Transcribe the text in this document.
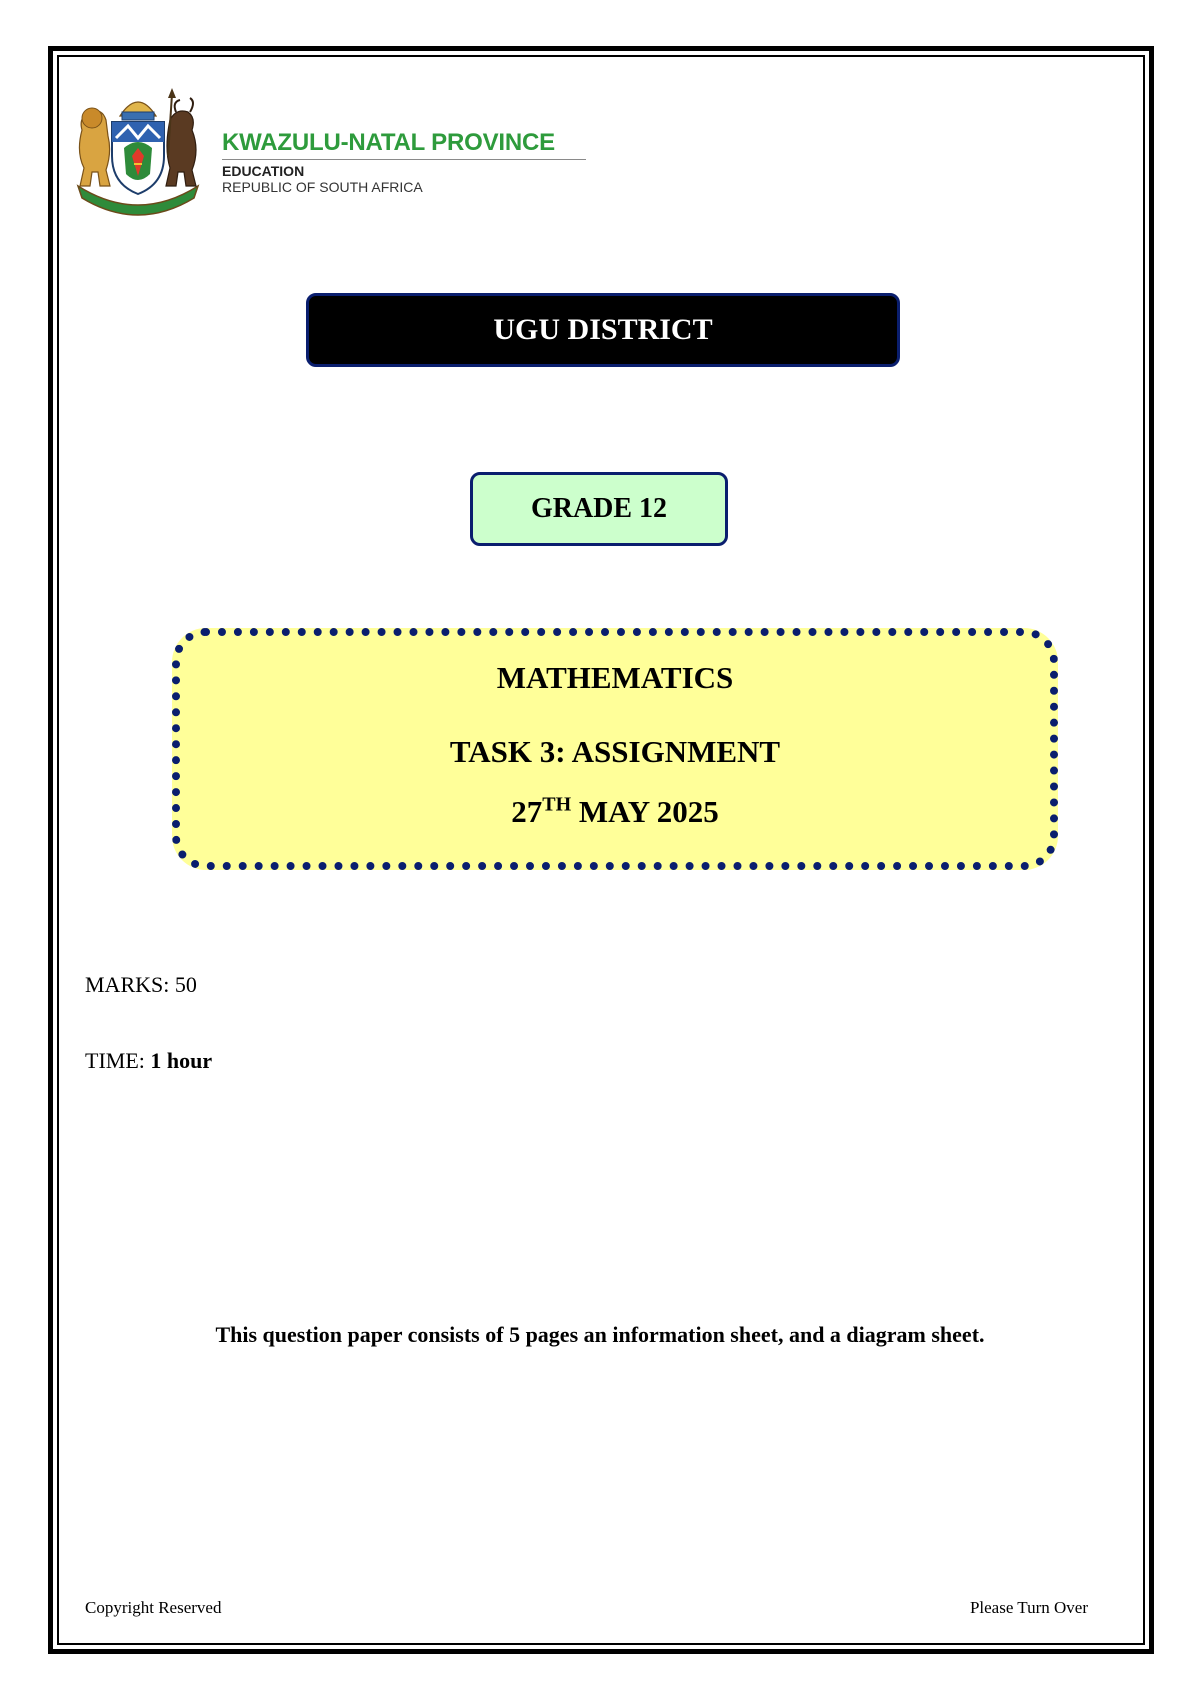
KWAZULU-NATAL PROVINCE
EDUCATION
REPUBLIC OF SOUTH AFRICA
UGU DISTRICT
GRADE 12
MATHEMATICS
TASK 3: ASSIGNMENT
27TH MAY 2025
MARKS: 50
TIME: 1 hour
This question paper consists of 5 pages an information sheet, and a diagram sheet.
Copyright Reserved	Please Turn Over
